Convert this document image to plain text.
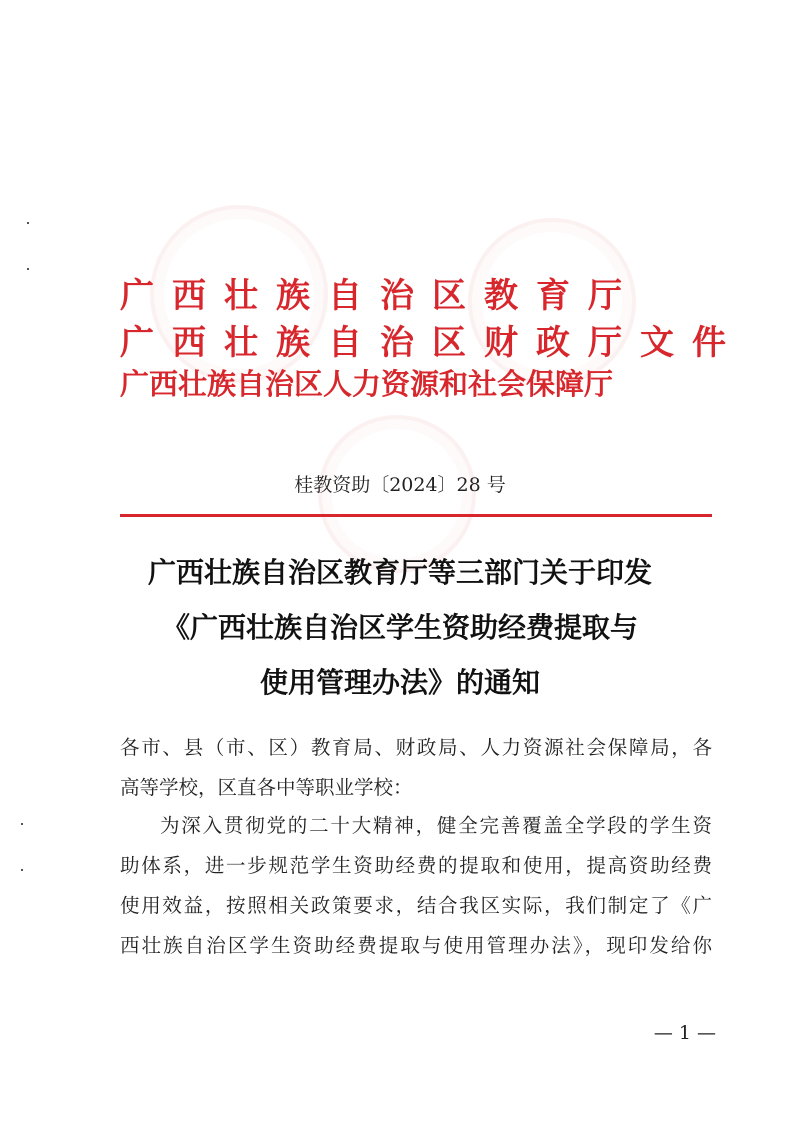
广西壮族自治区教育厅
广西壮族自治区财政厅文件
广西壮族自治区人力资源和社会保障厅
桂教资助〔2024〕28 号
广西壮族自治区教育厅等三部门关于印发
《广西壮族自治区学生资助经费提取与
使用管理办法》的通知
各市、县（市、区）教育局、财政局、人力资源社会保障局，各
高等学校，区直各中等职业学校：
为深入贯彻党的二十大精神，健全完善覆盖全学段的学生资
助体系，进一步规范学生资助经费的提取和使用，提高资助经费
使用效益，按照相关政策要求，结合我区实际，我们制定了《广
西壮族自治区学生资助经费提取与使用管理办法》，现印发给你
— 1 —
